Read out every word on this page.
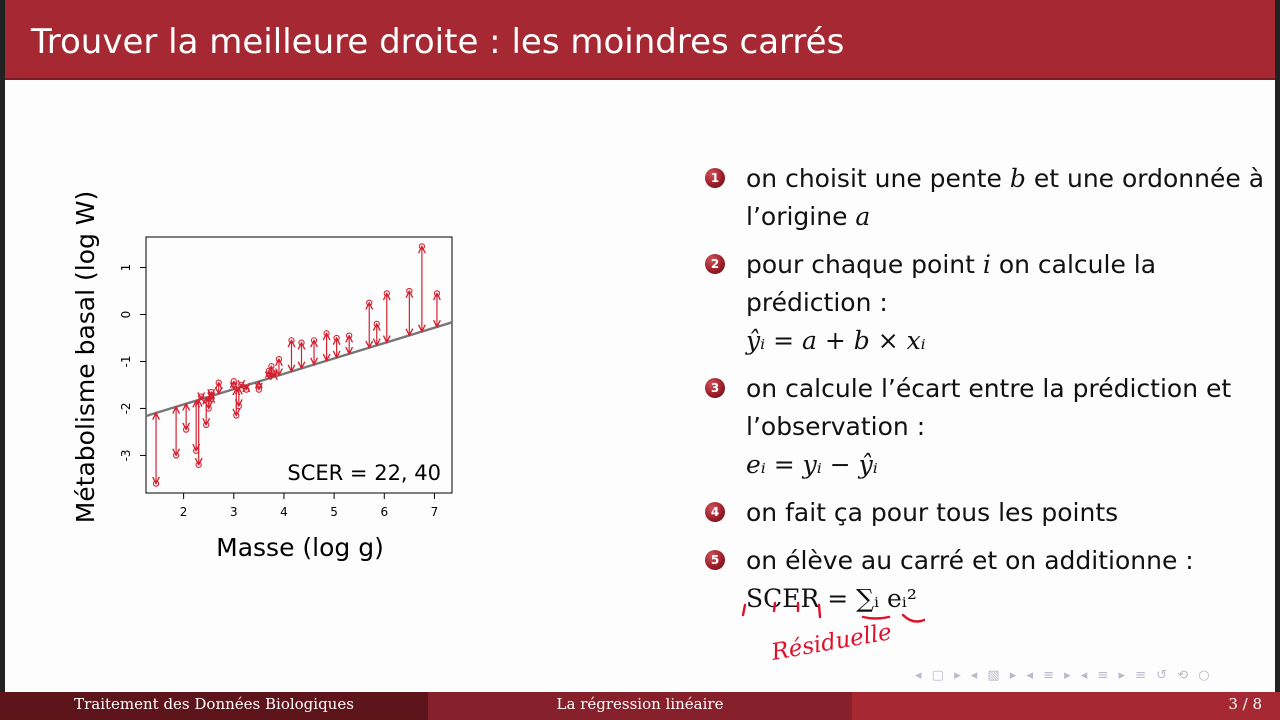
Trouver la meilleure droite : les moindres carrés
Métabolisme basal (log W)
Masse (log g)
2	3	4	5	6	7
-3
-2
-1
0
1
SCER = 22, 40
1 on choisit une pente b et une ordonnée à l’origine a
2 pour chaque point i on calcule la prédiction :
ŷᵢ = a + b × xᵢ
3 on calcule l’écart entre la prédiction et l’observation :
eᵢ = yᵢ − ŷᵢ
4 on fait ça pour tous les points
5 on élève au carré et on additionne :
SCER = ∑ᵢ eᵢ²
Résiduelle
◂ ▢ ▸ ◂ ▧ ▸ ◂ ≡ ▸ ◂ ≡ ▸ ≡ ↺ ⟲ ○
Traitement des Données Biologiques	La régression linéaire	3 / 8
